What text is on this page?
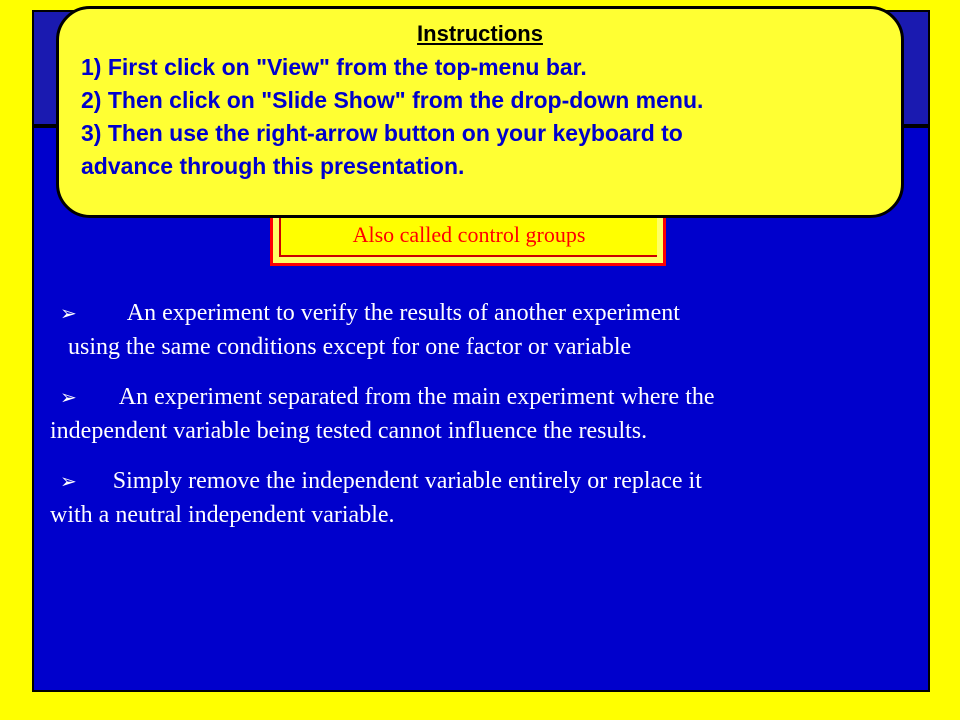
Also called control groups
➢ An experiment to verify the results of another experiment
using the same conditions except for one factor or variable
➢ An experiment separated from the main experiment where the
independent variable being tested cannot influence the results.
➢ Simply remove the independent variable entirely or replace it
with a neutral independent variable.
Instructions
1) First click on "View" from the top-menu bar.
2) Then click on "Slide Show" from the drop-down menu.
3) Then use the right-arrow button on your keyboard to
advance through this presentation.
